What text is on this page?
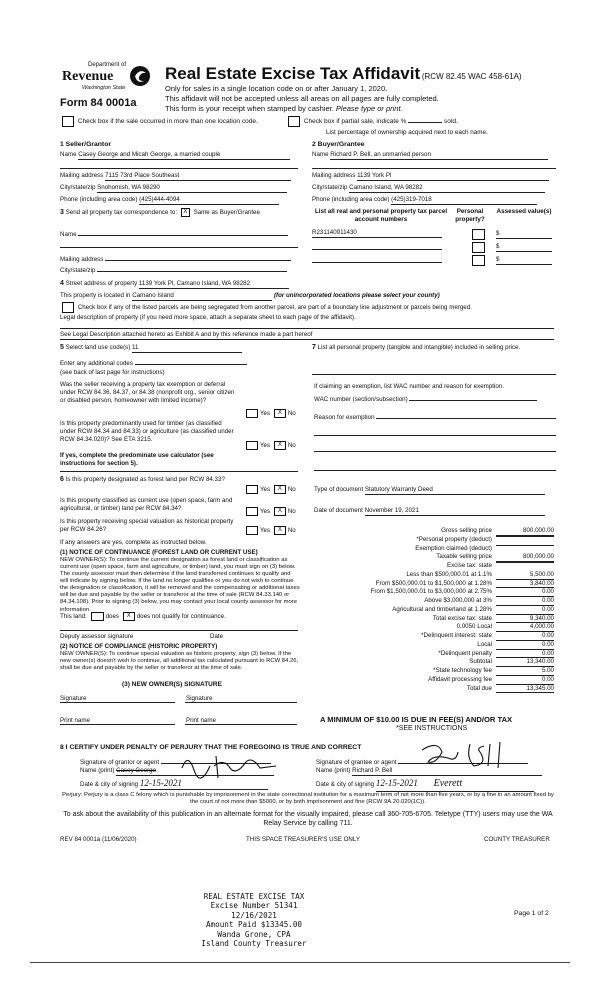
Department of
Revenue
Washington State
Form 84 0001a
Real Estate Excise Tax Affidavit (RCW 82.45 WAC 458-61A)
Only for sales in a single location code on or after January 1, 2020.
This affidavit will not be accepted unless all areas on all pages are fully completed.
This form is your receipt when stamped by cashier. Please type or print.
Check box if the sale occurred in more than one location code.	Check box if partial sale, indicate %	sold.
List percentage of ownership acquired next to each name.
1 Seller/Grantor
Name Casey George and Micah George, a married couple
Mailing address 7115 73rd Place Southeast
City/state/zip Snohomish, WA 98290
Phone (including area code) (425)444-4094
2 Buyer/Grantee
Name Richard P. Bell, an unmarried person
Mailing address 1139 York Pl
City/state/zip Camano Island, WA 98282
Phone (including area code) (425)319-7018
3 Send all property tax correspondence to: X Same as Buyer/Grantee
Name
Mailing address
City/state/zip
List all real and personal property tax parcel account numbers
Personal property?
Assessed value(s)
R231140911430	$
$
$
4 Street address of property 1139 York Pl, Camano Island, WA 98282
This property is located in Camano Island	(for unincorporated locations please select your county)
Check box if any of the listed parcels are being segregated from another parcel, are part of a boundary line adjustment or parcels being merged.
Legal description of property (if you need more space, attach a separate sheet to each page of the affidavit).
See Legal Description attached hereto as Exhibit A and by this reference made a part hereof
5 Select land use code(s) 11
Enter any additional codes
(see back of last page for instructions)
Was the seller receiving a property tax exemption or deferral under RCW 84.36, 84.37, or 84.38 (nonprofit org., senior citizen or disabled person, homeowner with limited income)?
Yes X No
Is this property predominantly used for timber (as classified under RCW 84.34 and 84.33) or agriculture (as classified under RCW 84.34.020)? See ETA 3215.
Yes X No
If yes, complete the predominate use calculator (see instructions for section 5).
7 List all personal property (tangible and intangible) included in selling price.
If claiming an exemption, list WAC number and reason for exemption.
WAC number (section/subsection)
Reason for exemption
Type of document Statutory Warranty Deed
Date of document November 19, 2021
6 Is this property designated as forest land per RCW 84.33?
Yes X No
Is this property classified as current use (open space, farm and agricultural, or timber) land per RCW 84.34?	Yes X No
Is this property receiving special valuation as historical property per RCW 84.26?	Yes X No
If any answers are yes, complete as instructed below.
(1) NOTICE OF CONTINUANCE (FOREST LAND OR CURRENT USE)
NEW OWNER(S): To continue the current designation as forest land or classification as current use (open space, farm and agriculture, or timber) land, you must sign on (3) below. The county assessor must then determine if the land transferred continues to qualify and will indicate by signing below. If the land no longer qualifies or you do not wish to continue the designation or classification, it will be removed and the compensating or additional taxes will be due and payable by the seller or transferor at the time of sale (RCW 84.33.140 or 84.34.108). Prior to signing (3) below, you may contact your local county assessor for more information.
This land:	does X does not qualify for continuance.
Deputy assessor signature	Date
(2) NOTICE OF COMPLIANCE (HISTORIC PROPERTY)
NEW OWNER(S): To continue special valuation as historic property, sign (3) below. If the new owner(s) doesn't wish to continue, all additional tax calculated pursuant to RCW 84.26, shall be due and payable by the seller or transferor at the time of sale.
(3) NEW OWNER(S) SIGNATURE
Signature	Signature
Print name	Print name
Gross selling price	800,000.00
*Personal property (deduct)
Exemption claimed (deduct)
Taxable selling price	800,000.00
Excise tax: state
Less than $500,000.01 at 1.1%	5,500.00
From $500,000.01 to $1,500,000 at 1.28%	3,840.00
From $1,500,000.01 to $3,000,000 at 2.75%	0.00
Above $3,000,000 at 3%	0.00
Agricultural and timberland at 1.28%	0.00
Total excise tax: state	9,340.00
0.0050 Local	4,000.00
*Delinquent interest: state	0.00
Local	0.00
*Delinquent penalty	0.00
Subtotal	13,340.00
*State technology fee	5.00
Affidavit processing fee	0.00
Total due	13,345.00
A MINIMUM OF $10.00 IS DUE IN FEE(S) AND/OR TAX
*SEE INSTRUCTIONS
8 I CERTIFY UNDER PENALTY OF PERJURY THAT THE FOREGOING IS TRUE AND CORRECT
Signature of grantor or agent
Name (print) Casey George
Date & city of signing 12-15-2021
Signature of grantee or agent
Name (print) Richard P. Bell
Date & city of signing 12-15-2021 Everett
Perjury: Perjury is a class C felony which is punishable by imprisonment in the state correctional institution for a maximum term of not more than five years, or by a fine in an amount fixed by the court of not more than $5000, or by both imprisonment and fine (RCW 9A.20.020(1C)).
To ask about the availability of this publication in an alternate format for the visually impaired, please call 360-705-6705. Teletype (TTY) users may use the WA Relay Service by calling 711.
REV 84 0001a (11/06/2020)	THIS SPACE TREASURER'S USE ONLY	COUNTY TREASURER
REAL ESTATE EXCISE TAX
Excise Number 51341
12/16/2021
Amount Paid $13345.00
Wanda Grone, CPA
Island County Treasurer
Page 1 of 2
